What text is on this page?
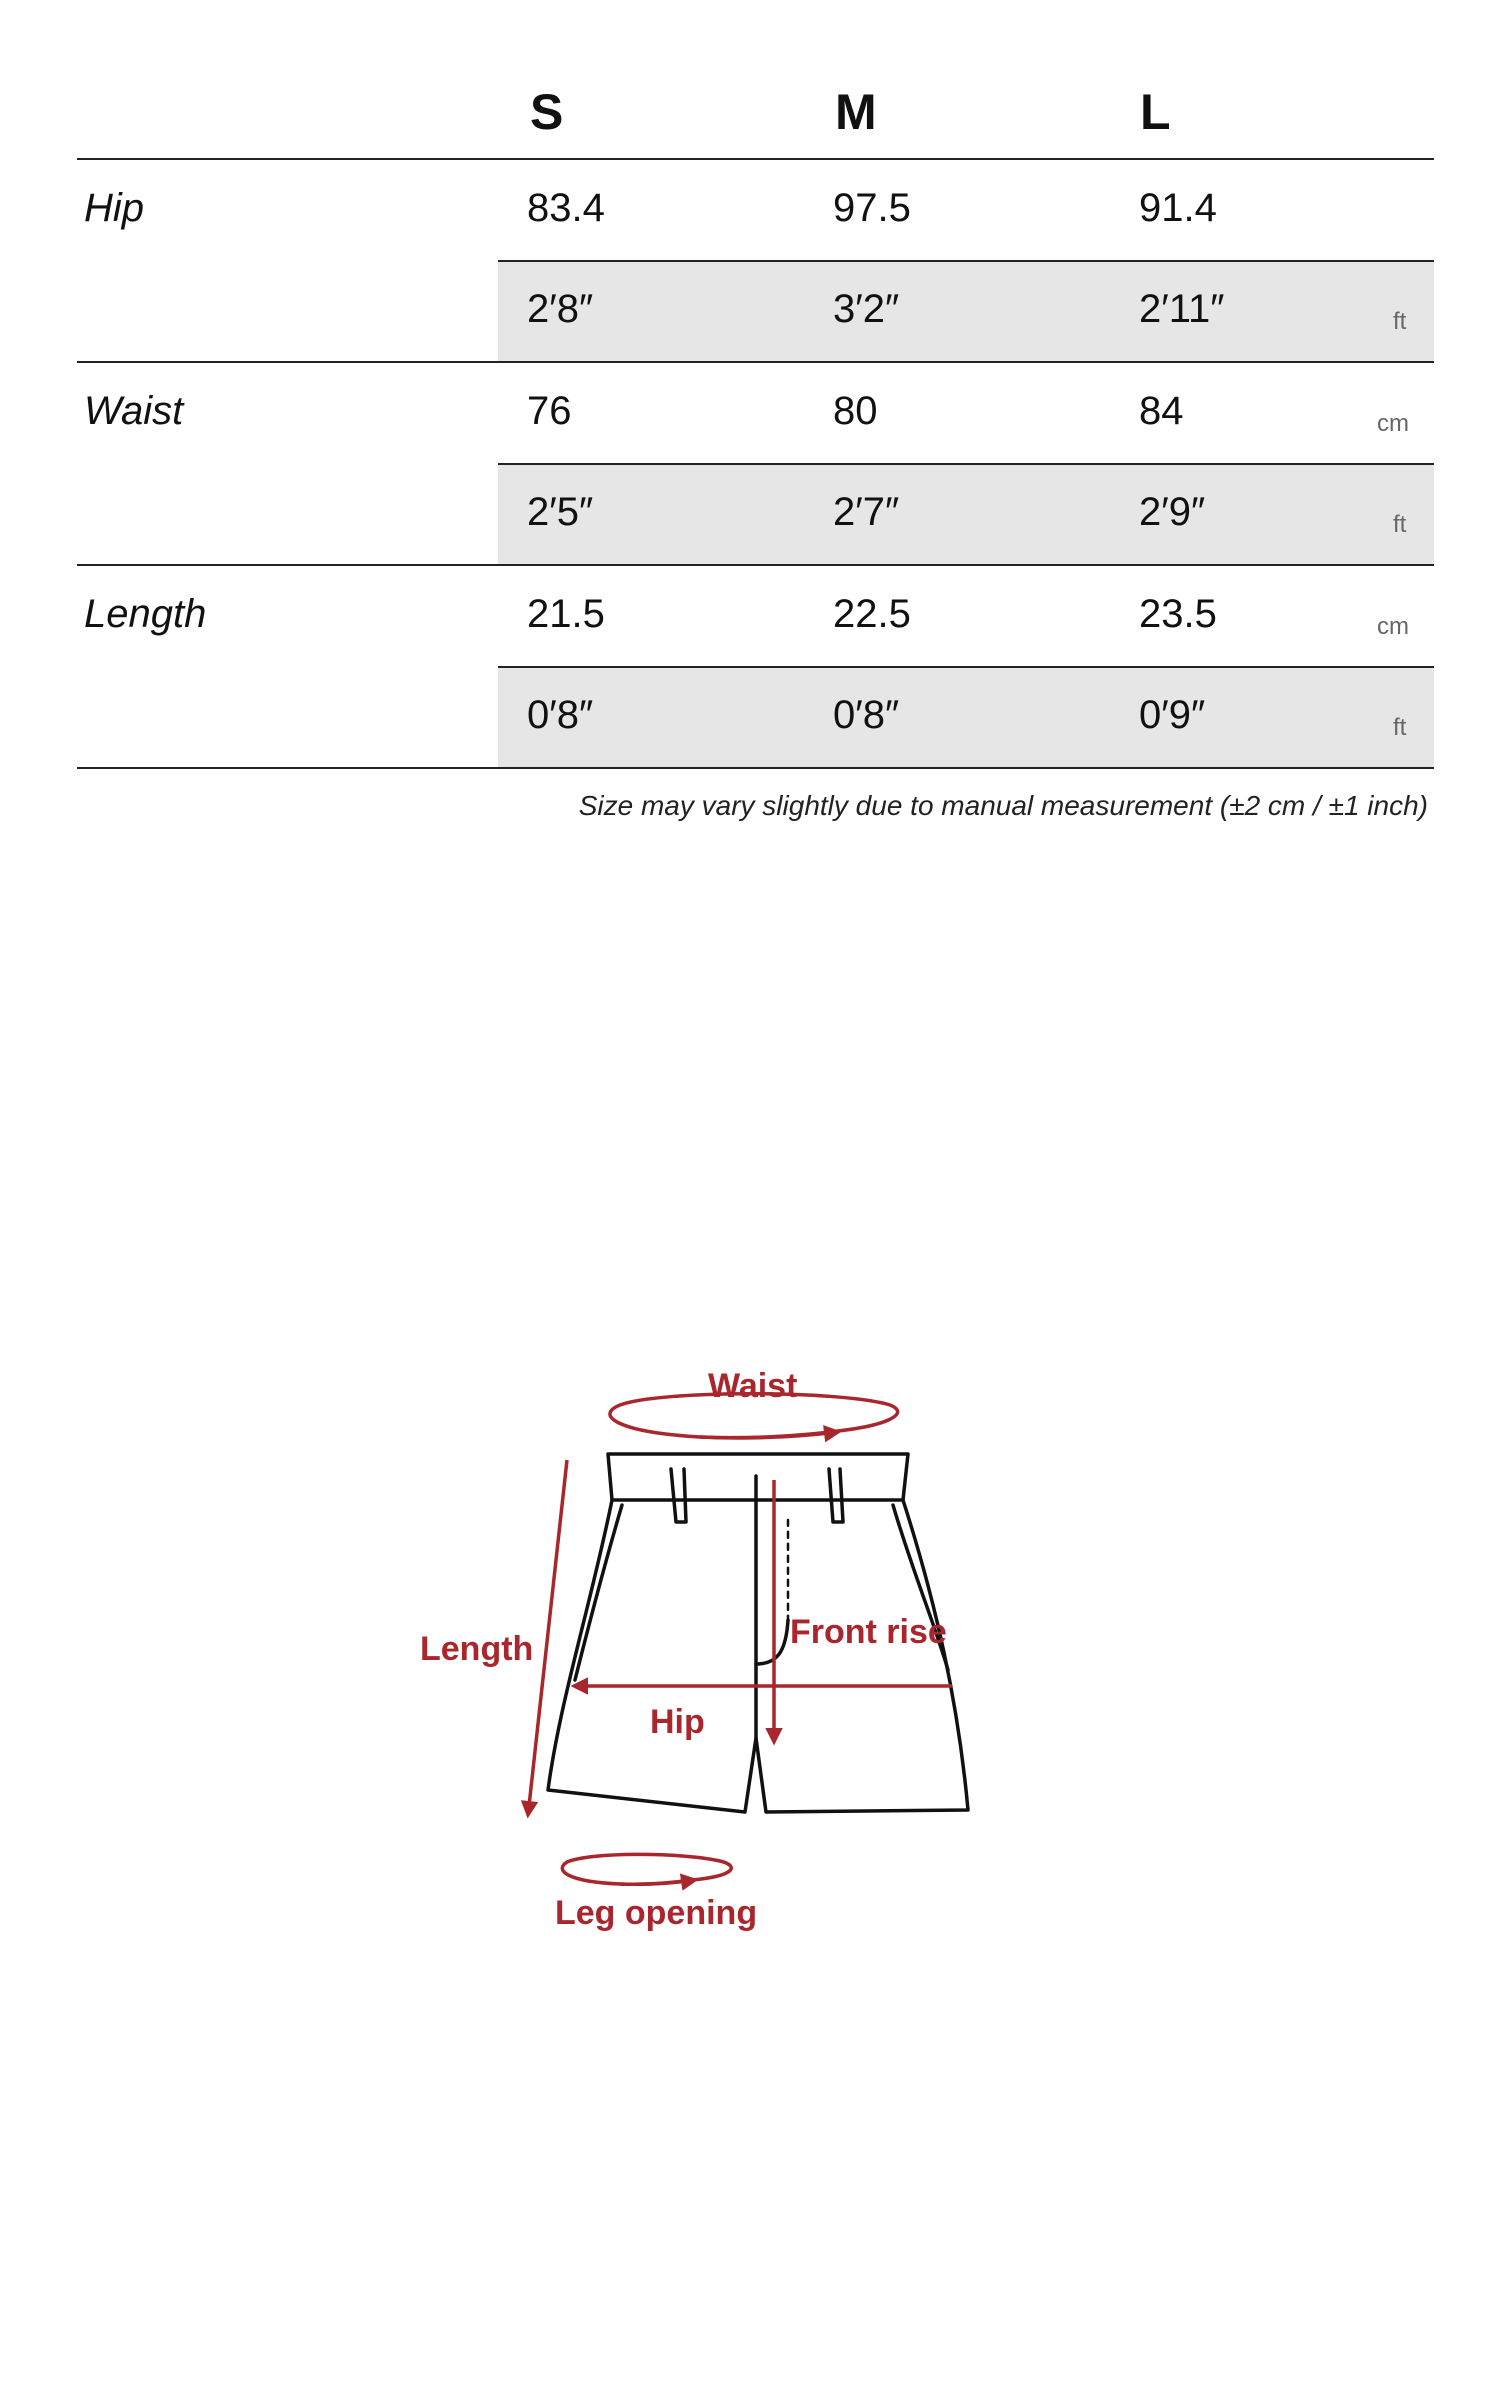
S	M	L
Hip	83.4	97.5	91.4
2′8″	3′2″	2′11″	ft
Waist	76	80	84	cm
2′5″	2′7″	2′9″	ft
Length	21.5	22.5	23.5	cm
0′8″	0′8″	0′9″	ft
Size may vary slightly due to manual measurement (±2 cm / ±1 inch)
Waist
Length	Front rise
Hip
Leg opening
